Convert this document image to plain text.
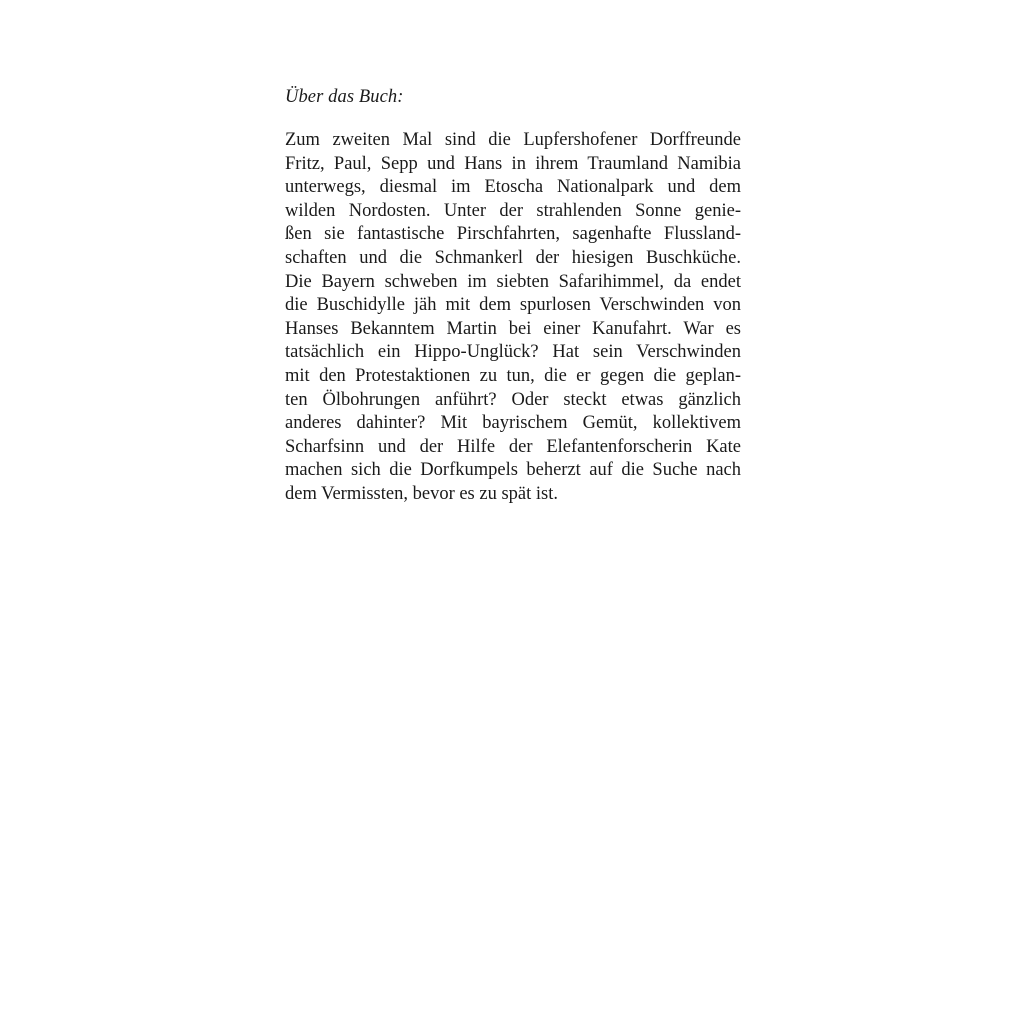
Über das Buch:

Zum zweiten Mal sind die Lupfershofener Dorffreunde
Fritz, Paul, Sepp und Hans in ihrem Traumland Namibia
unterwegs, diesmal im Etoscha Nationalpark und dem
wilden Nordosten. Unter der strahlenden Sonne genie-
ßen sie fantastische Pirschfahrten, sagenhafte Flussland-
schaften und die Schmankerl der hiesigen Buschküche.
Die Bayern schweben im siebten Safarihimmel, da endet
die Buschidylle jäh mit dem spurlosen Verschwinden von
Hanses Bekanntem Martin bei einer Kanufahrt. War es
tatsächlich ein Hippo-Unglück? Hat sein Verschwinden
mit den Protestaktionen zu tun, die er gegen die geplan-
ten Ölbohrungen anführt? Oder steckt etwas gänzlich
anderes dahinter? Mit bayrischem Gemüt, kollektivem
Scharfsinn und der Hilfe der Elefantenforscherin Kate
machen sich die Dorfkumpels beherzt auf die Suche nach
dem Vermissten, bevor es zu spät ist.
